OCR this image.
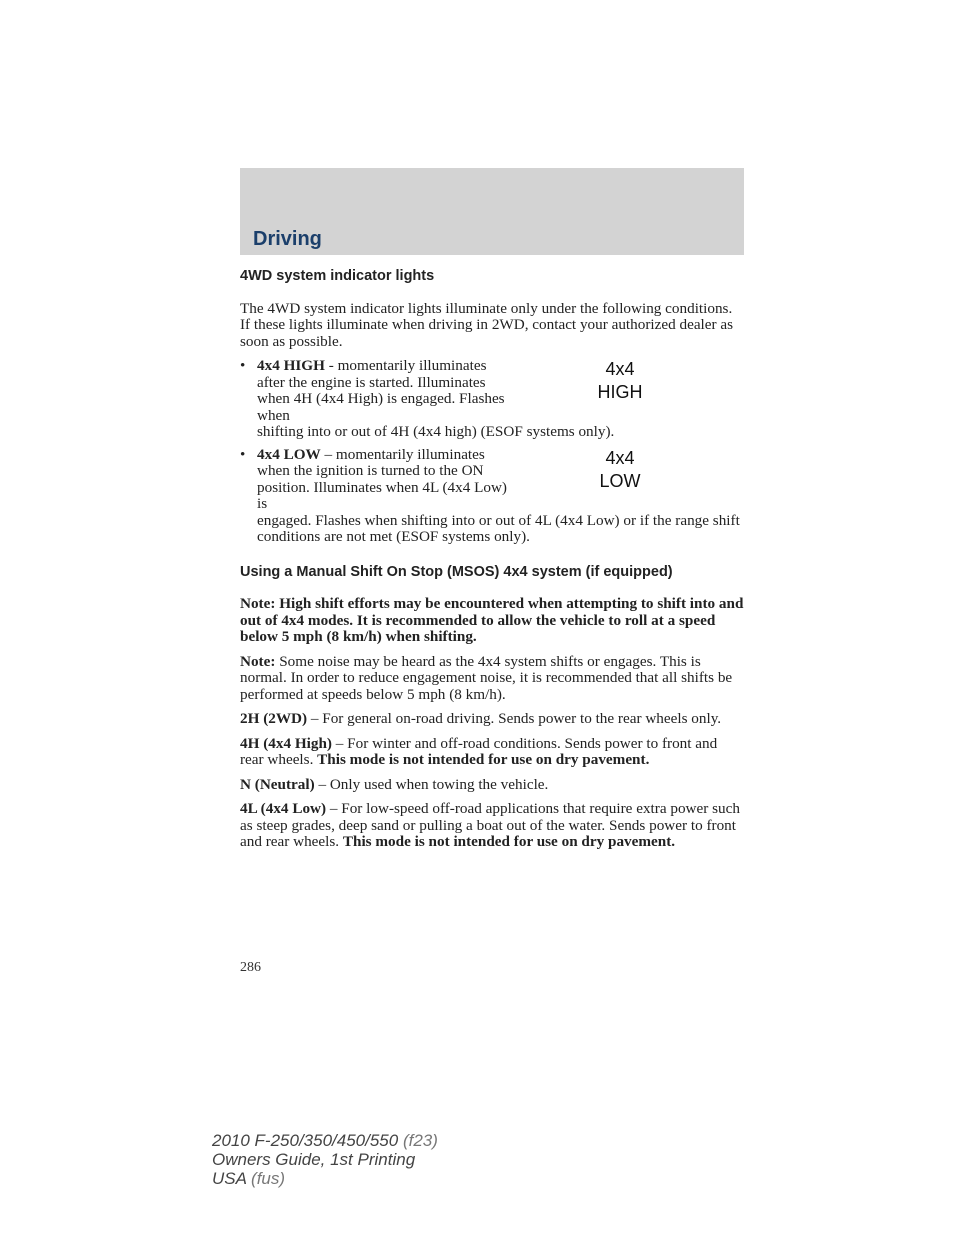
Driving
4WD system indicator lights

The 4WD system indicator lights illuminate only under the following conditions. If these lights illuminate when driving in 2WD, contact your authorized dealer as soon as possible.

• 4x4 HIGH - momentarily illuminates after the engine is started. Illuminates when 4H (4x4 High) is engaged. Flashes when
shifting into or out of 4H (4x4 high) (ESOF systems only).
4x4
HIGH
• 4x4 LOW – momentarily illuminates when the ignition is turned to the ON position. Illuminates when 4L (4x4 Low) is
engaged. Flashes when shifting into or out of 4L (4x4 Low) or if the range shift conditions are not met (ESOF systems only).
4x4
LOW
Using a Manual Shift On Stop (MSOS) 4x4 system (if equipped)

Note: High shift efforts may be encountered when attempting to shift into and out of 4x4 modes. It is recommended to allow the vehicle to roll at a speed below 5 mph (8 km/h) when shifting.

Note: Some noise may be heard as the 4x4 system shifts or engages. This is normal. In order to reduce engagement noise, it is recommended that all shifts be performed at speeds below 5 mph (8 km/h).

2H (2WD) – For general on-road driving. Sends power to the rear wheels only.

4H (4x4 High) – For winter and off-road conditions. Sends power to front and rear wheels. This mode is not intended for use on dry pavement.

N (Neutral) – Only used when towing the vehicle.

4L (4x4 Low) – For low-speed off-road applications that require extra power such as steep grades, deep sand or pulling a boat out of the water. Sends power to front and rear wheels. This mode is not intended for use on dry pavement.

286
2010 F-250/350/450/550 (f23)
Owners Guide, 1st Printing
USA (fus)
